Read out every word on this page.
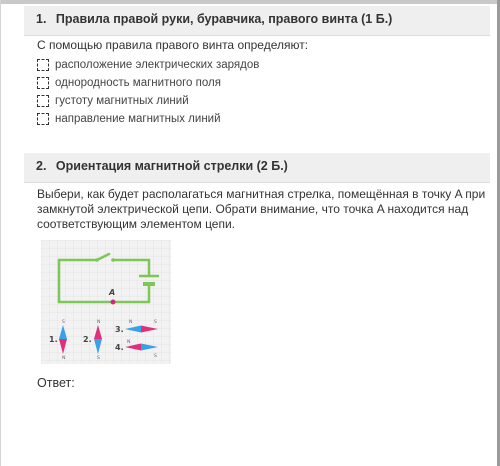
1. Правила правой руки, буравчика, правого винта (1 Б.)
С помощью правила правого винта определяют:
расположение электрических зарядов
однородность магнитного поля
густоту магнитных линий
направление магнитных линий
2. Ориентация магнитной стрелки (2 Б.)
Выбери, как будет располагаться магнитная стрелка, помещённая в точку A при
замкнутой электрической цепи. Обрати внимание, что точка A находится над
соответствующим элементом цепи.
A
1.
S
N
2.
N
S
3.
N	S
4.
N
S
Ответ:
